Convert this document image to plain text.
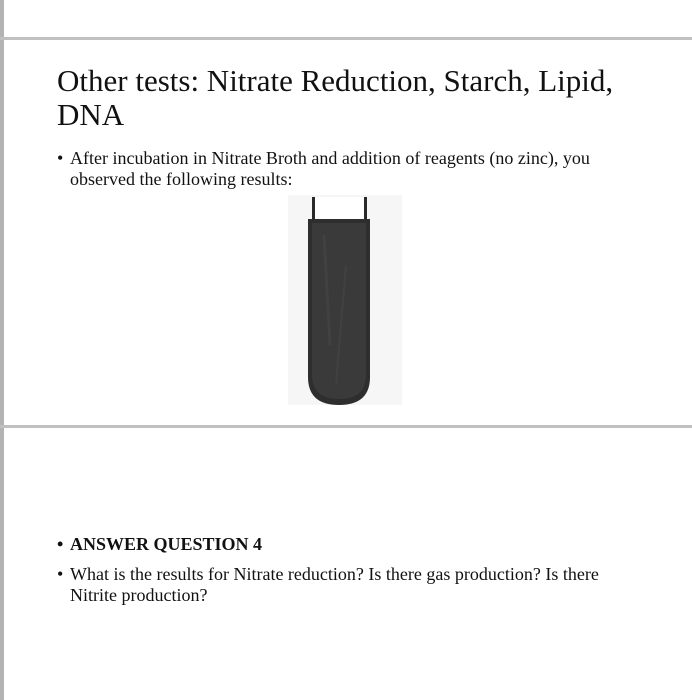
Other tests: Nitrate Reduction, Starch, Lipid, DNA
• After incubation in Nitrate Broth and addition of reagents (no zinc), you observed the following results:
• ANSWER QUESTION 4
• What is the results for Nitrate reduction? Is there gas production? Is there Nitrite production?
